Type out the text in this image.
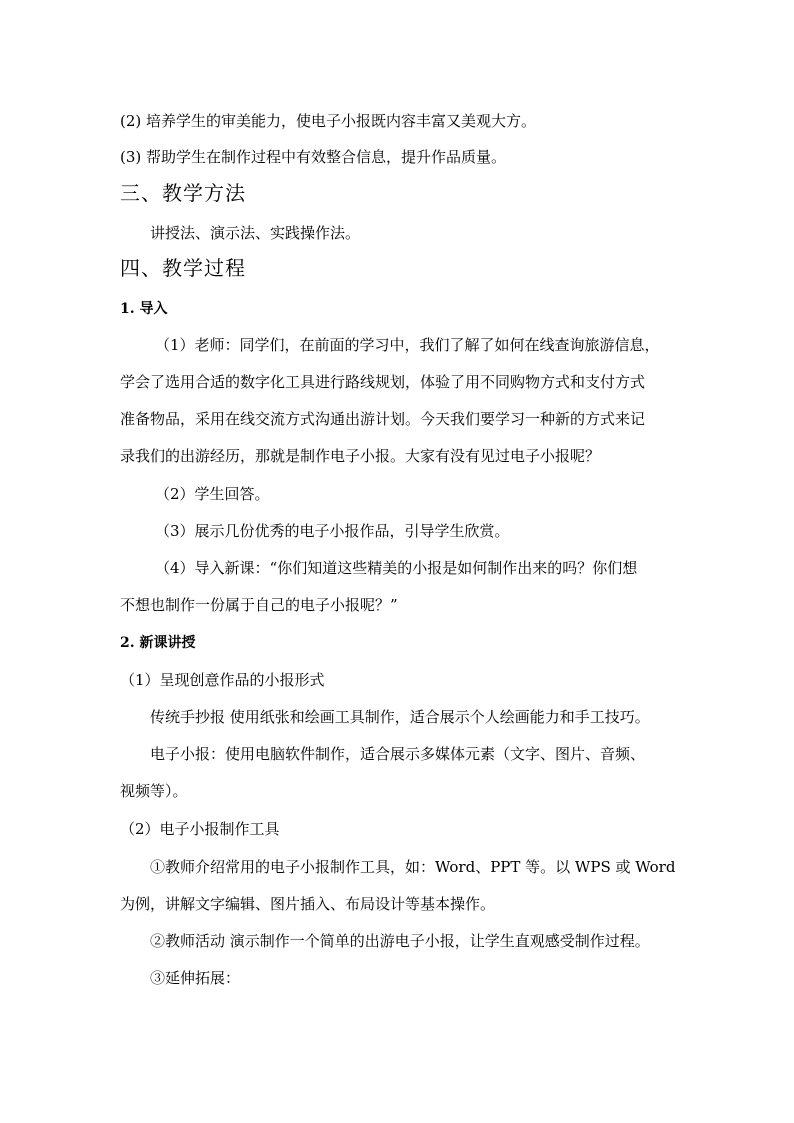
(2) 培养学生的审美能力，使电子小报既内容丰富又美观大方。
(3) 帮助学生在制作过程中有效整合信息，提升作品质量。
三、教学方法
讲授法、演示法、实践操作法。
四、教学过程
1. 导入
（1）老师：同学们，在前面的学习中，我们了解了如何在线查询旅游信息，
学会了选用合适的数字化工具进行路线规划，体验了用不同购物方式和支付方式
准备物品，采用在线交流方式沟通出游计划。今天我们要学习一种新的方式来记
录我们的出游经历，那就是制作电子小报。大家有没有见过电子小报呢？
（2）学生回答。
（3）展示几份优秀的电子小报作品，引导学生欣赏。
（4）导入新课：“你们知道这些精美的小报是如何制作出来的吗？你们想
不想也制作一份属于自己的电子小报呢？”
2. 新课讲授
（1）呈现创意作品的小报形式
传统手抄报 使用纸张和绘画工具制作，适合展示个人绘画能力和手工技巧。
电子小报：使用电脑软件制作，适合展示多媒体元素（文字、图片、音频、
视频等）。
（2）电子小报制作工具
①教师介绍常用的电子小报制作工具，如：Word、PPT 等。以 WPS 或 Word
为例，讲解文字编辑、图片插入、布局设计等基本操作。
②教师活动 演示制作一个简单的出游电子小报，让学生直观感受制作过程。
③延伸拓展：
